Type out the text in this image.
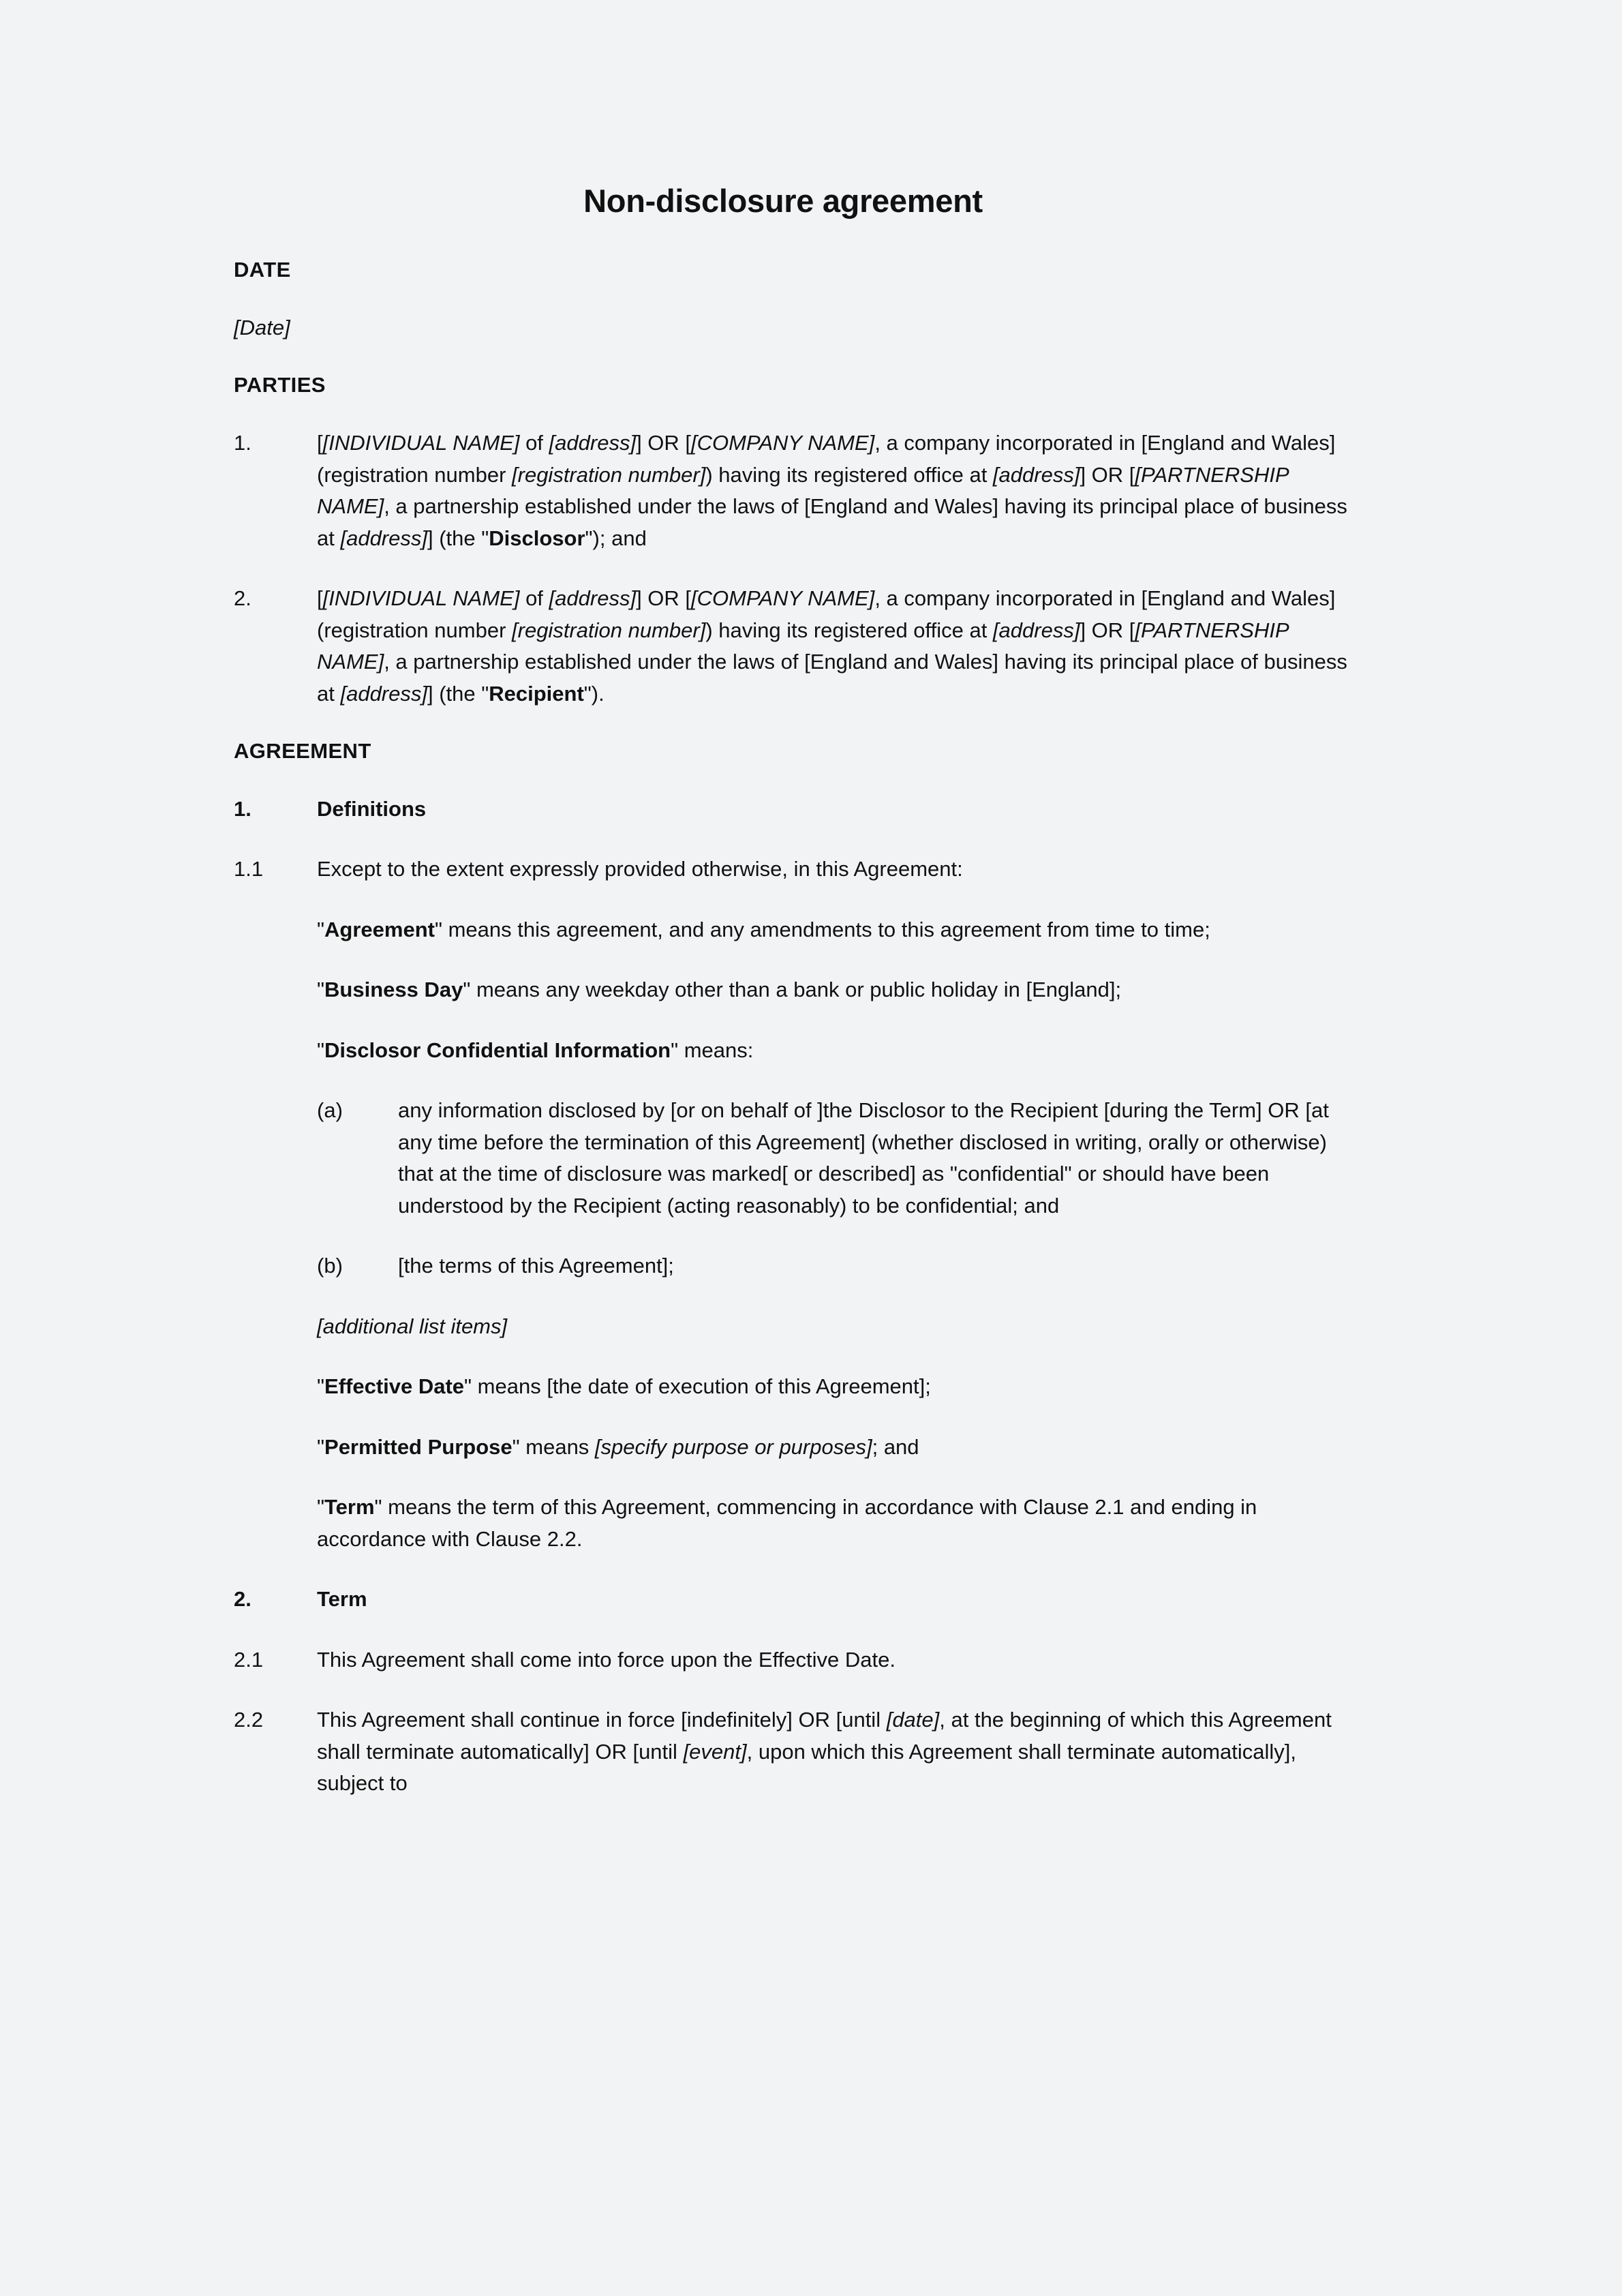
Non-disclosure agreement
DATE
[Date]
PARTIES
1.	[[INDIVIDUAL NAME] of [address]] OR [[COMPANY NAME], a company incorporated in [England and Wales] (registration number [registration number]) having its registered office at [address]] OR [[PARTNERSHIP NAME], a partnership established under the laws of [England and Wales] having its principal place of business at [address]] (the "Disclosor"); and
2.	[[INDIVIDUAL NAME] of [address]] OR [[COMPANY NAME], a company incorporated in [England and Wales] (registration number [registration number]) having its registered office at [address]] OR [[PARTNERSHIP NAME], a partnership established under the laws of [England and Wales] having its principal place of business at [address]] (the "Recipient").
AGREEMENT
1.	Definitions
1.1	Except to the extent expressly provided otherwise, in this Agreement:
"Agreement" means this agreement, and any amendments to this agreement from time to time;
"Business Day" means any weekday other than a bank or public holiday in [England];
"Disclosor Confidential Information" means:
(a)	any information disclosed by [or on behalf of ]the Disclosor to the Recipient [during the Term] OR [at any time before the termination of this Agreement] (whether disclosed in writing, orally or otherwise) that at the time of disclosure was marked[ or described] as "confidential" or should have been understood by the Recipient (acting reasonably) to be confidential; and
(b)	[the terms of this Agreement];
[additional list items]
"Effective Date" means [the date of execution of this Agreement];
"Permitted Purpose" means [specify purpose or purposes]; and
"Term" means the term of this Agreement, commencing in accordance with Clause 2.1 and ending in accordance with Clause 2.2.
2.	Term
2.1	This Agreement shall come into force upon the Effective Date.
2.2	This Agreement shall continue in force [indefinitely] OR [until [date], at the beginning of which this Agreement shall terminate automatically] OR [until [event], upon which this Agreement shall terminate automatically], subject to
